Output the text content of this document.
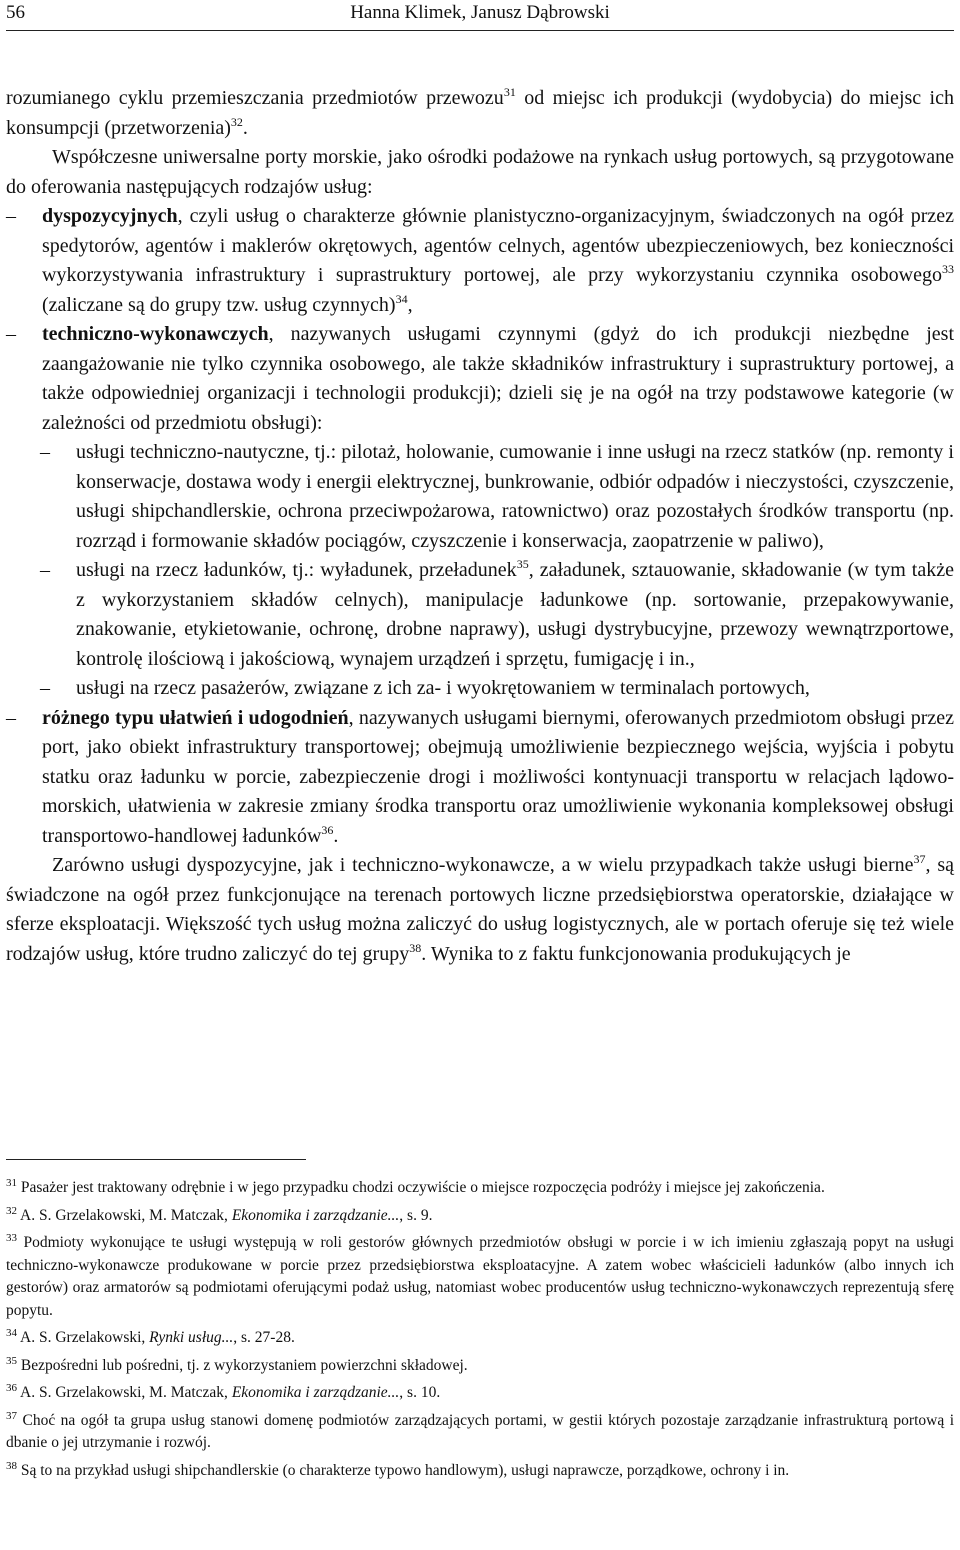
56	Hanna Klimek, Janusz Dąbrowski

rozumianego cyklu przemieszczania przedmiotów przewozu$^{31}$ od miejsc ich produkcji (wydobycia) do miejsc ich konsumpcji (przetworzenia)$^{32}$.

Współczesne uniwersalne porty morskie, jako ośrodki podażowe na rynkach usług portowych, są przygotowane do oferowania następujących rodzajów usług:

–	dyspozycyjnych, czyli usług o charakterze głównie planistyczno-organizacyjnym, świadczonych na ogół przez spedytorów, agentów i maklerów okrętowych, agentów celnych, agentów ubezpieczeniowych, bez konieczności wykorzystywania infrastruktury i suprastruktury portowej, ale przy wykorzystaniu czynnika osobowego$^{33}$ (zaliczane są do grupy tzw. usług czynnych)$^{34}$,
–	techniczno-wykonawczych, nazywanych usługami czynnymi (gdyż do ich produkcji niezbędne jest zaangażowanie nie tylko czynnika osobowego, ale także składników infrastruktury i suprastruktury portowej, a także odpowiedniej organizacji i technologii produkcji); dzieli się je na ogół na trzy podstawowe kategorie (w zależności od przedmiotu obsługi):
–	usługi techniczno-nautyczne, tj.: pilotaż, holowanie, cumowanie i inne usługi na rzecz statków (np. remonty i konserwacje, dostawa wody i energii elektrycznej, bunkrowanie, odbiór odpadów i nieczystości, czyszczenie, usługi shipchandlerskie, ochrona przeciwpożarowa, ratownictwo) oraz pozostałych środków transportu (np. rozrząd i formowanie składów pociągów, czyszczenie i konserwacja, zaopatrzenie w paliwo),
–	usługi na rzecz ładunków, tj.: wyładunek, przeładunek$^{35}$, załadunek, sztauowanie, składowanie (w tym także z wykorzystaniem składów celnych), manipulacje ładunkowe (np. sortowanie, przepakowywanie, znakowanie, etykietowanie, ochronę, drobne naprawy), usługi dystrybucyjne, przewozy wewnątrzportowe, kontrolę ilościową i jakościową, wynajem urządzeń i sprzętu, fumigację i in.,
–	usługi na rzecz pasażerów, związane z ich za- i wyokrętowaniem w terminalach portowych,
–	różnego typu ułatwień i udogodnień, nazywanych usługami biernymi, oferowanych przedmiotom obsługi przez port, jako obiekt infrastruktury transportowej; obejmują umożliwienie bezpiecznego wejścia, wyjścia i pobytu statku oraz ładunku w porcie, zabezpieczenie drogi i możliwości kontynuacji transportu w relacjach lądowo-morskich, ułatwienia w zakresie zmiany środka transportu oraz umożliwienie wykonania kompleksowej obsługi transportowo-handlowej ładunków$^{36}$.

Zarówno usługi dyspozycyjne, jak i techniczno-wykonawcze, a w wielu przypadkach także usługi bierne$^{37}$, są świadczone na ogół przez funkcjonujące na terenach portowych liczne przedsiębiorstwa operatorskie, działające w sferze eksploatacji. Większość tych usług można zaliczyć do usług logistycznych, ale w portach oferuje się też wiele rodzajów usług, które trudno zaliczyć do tej grupy$^{38}$. Wynika to z faktu funkcjonowania produkujących je

$^{31}$ Pasażer jest traktowany odrębnie i w jego przypadku chodzi oczywiście o miejsce rozpoczęcia podróży i miejsce jej zakończenia.

$^{32}$ A. S. Grzelakowski, M. Matczak, Ekonomika i zarządzanie..., s. 9.

$^{33}$ Podmioty wykonujące te usługi występują w roli gestorów głównych przedmiotów obsługi w porcie i w ich imieniu zgłaszają popyt na usługi techniczno-wykonawcze produkowane w porcie przez przedsiębiorstwa eksploatacyjne. A zatem wobec właścicieli ładunków (albo innych ich gestorów) oraz armatorów są podmiotami oferującymi podaż usług, natomiast wobec producentów usług techniczno-wykonawczych reprezentują sferę popytu.

$^{34}$ A. S. Grzelakowski, Rynki usług..., s. 27-28.

$^{35}$ Bezpośredni lub pośredni, tj. z wykorzystaniem powierzchni składowej.

$^{36}$ A. S. Grzelakowski, M. Matczak, Ekonomika i zarządzanie..., s. 10.

$^{37}$ Choć na ogół ta grupa usług stanowi domenę podmiotów zarządzających portami, w gestii których pozostaje zarządzanie infrastrukturą portową i dbanie o jej utrzymanie i rozwój.

$^{38}$ Są to na przykład usługi shipchandlerskie (o charakterze typowo handlowym), usługi naprawcze, porządkowe, ochrony i in.
